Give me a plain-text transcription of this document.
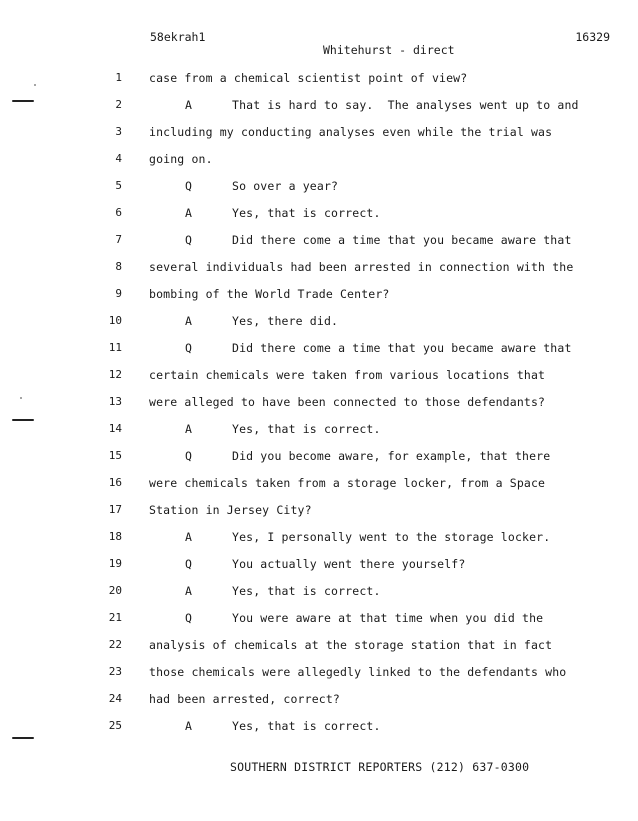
58ekrah1	16329
Whitehurst - direct
1 case from a chemical scientist point of view?
2	A	That is hard to say.  The analyses went up to and
3 including my conducting analyses even while the trial was
4 going on.
5	Q	So over a year?
6	A	Yes, that is correct.
7	Q	Did there come a time that you became aware that
8 several individuals had been arrested in connection with the
9 bombing of the World Trade Center?
10	A	Yes, there did.
11	Q	Did there come a time that you became aware that
12 certain chemicals were taken from various locations that
13 were alleged to have been connected to those defendants?
14	A	Yes, that is correct.
15	Q	Did you become aware, for example, that there
16 were chemicals taken from a storage locker, from a Space
17 Station in Jersey City?
18	A	Yes, I personally went to the storage locker.
19	Q	You actually went there yourself?
20	A	Yes, that is correct.
21	Q	You were aware at that time when you did the
22 analysis of chemicals at the storage station that in fact
23 those chemicals were allegedly linked to the defendants who
24 had been arrested, correct?
25	A	Yes, that is correct.
SOUTHERN DISTRICT REPORTERS (212) 637-0300
